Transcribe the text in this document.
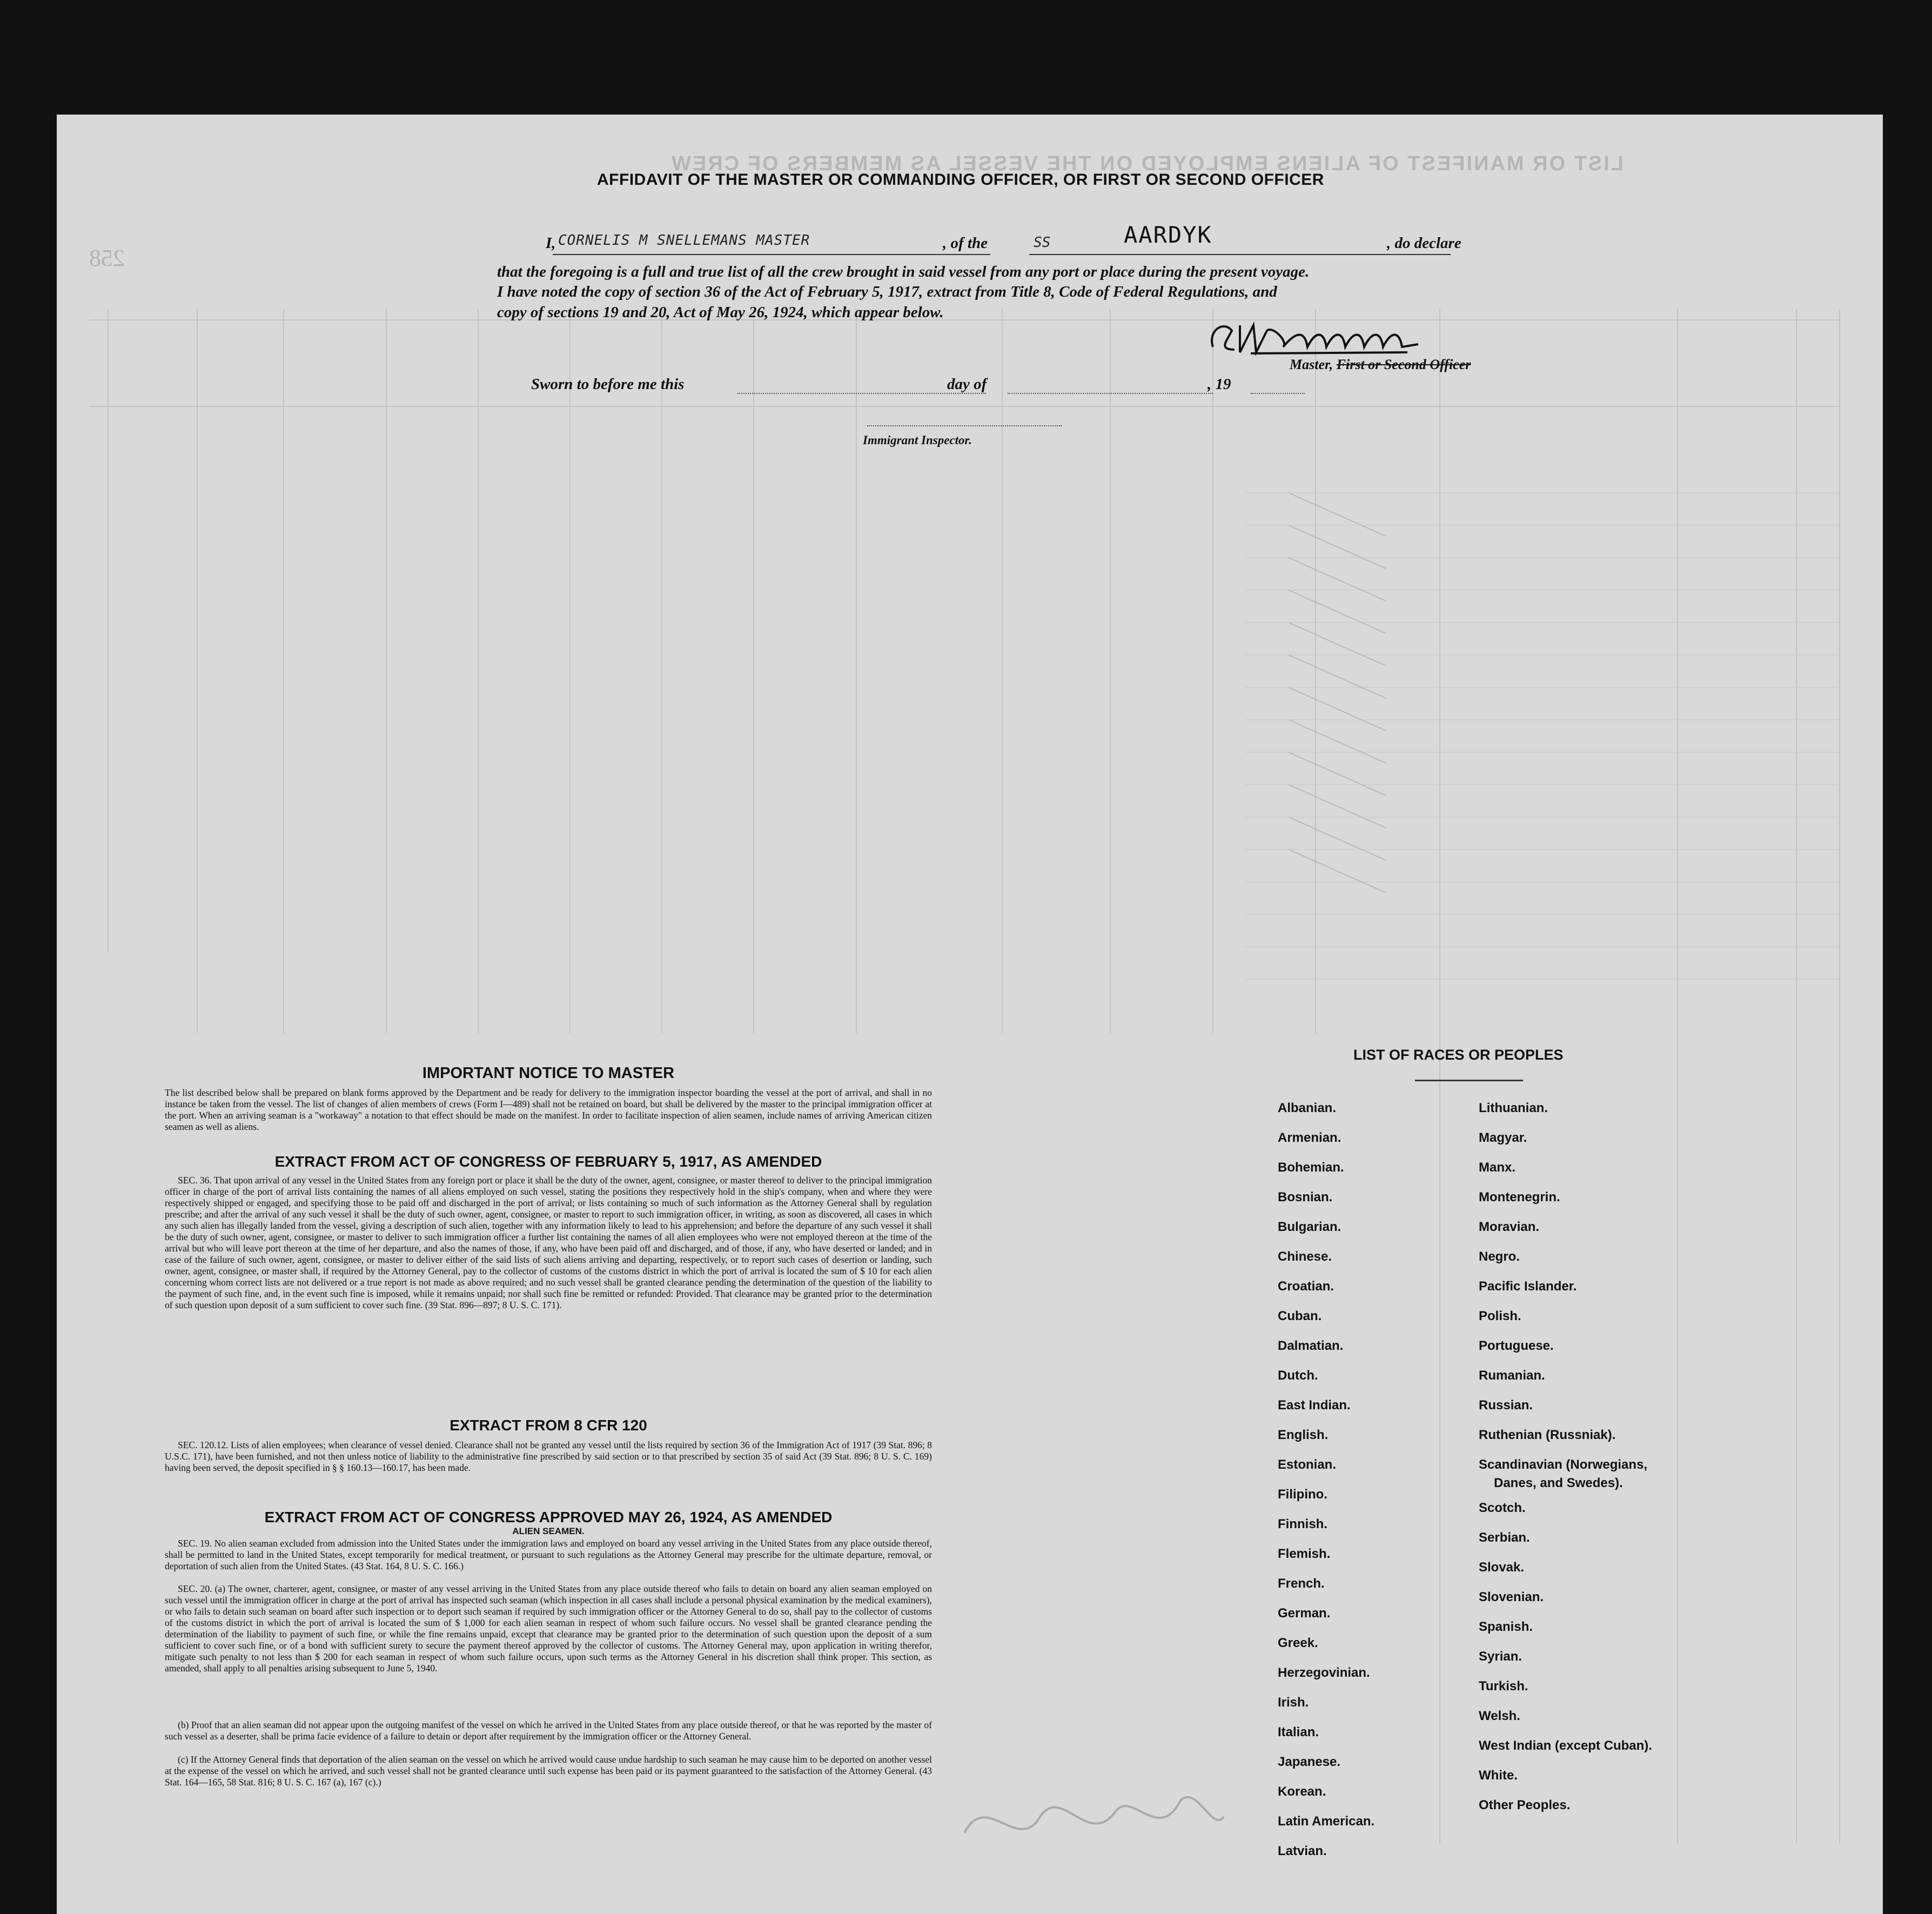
LIST OR MANIFEST OF ALIENS EMPLOYED ON THE VESSEL AS MEMBERS OF CREW
258
AFFIDAVIT OF THE MASTER OR COMMANDING OFFICER, OR FIRST OR SECOND OFFICER
I, CORNELIS M SNELLEMANS MASTER	, of the	SS	AARDYK	, do declare
that the foregoing is a full and true list of all the crew brought in said vessel from any port or place during the present voyage.
I have noted the copy of section 36 of the Act of February 5, 1917, extract from Title 8, Code of Federal Regulations, and
copy of sections 19 and 20, Act of May 26, 1924, which appear below.
Master, First or Second Officer
Sworn to before me this	day of	, 19
Immigrant Inspector.
IMPORTANT NOTICE TO MASTER
The list described below shall be prepared on blank forms approved by the Department and be ready for delivery to the immigration inspector boarding the vessel at the port of arrival, and shall in no instance be taken from the vessel. The list of changes of alien members of crews (Form I—489) shall not be retained on board, but shall be delivered by the master to the principal immigration officer at the port. When an arriving seaman is a "workaway" a notation to that effect should be made on the manifest. In order to facilitate inspection of alien seamen, include names of arriving American citizen seamen as well as aliens.
EXTRACT FROM ACT OF CONGRESS OF FEBRUARY 5, 1917, AS AMENDED
SEC. 36. That upon arrival of any vessel in the United States from any foreign port or place it shall be the duty of the owner, agent, consignee, or master thereof to deliver to the principal immigration officer in charge of the port of arrival lists containing the names of all aliens employed on such vessel, stating the positions they respectively hold in the ship's company, when and where they were respectively shipped or engaged, and specifying those to be paid off and discharged in the port of arrival; or lists containing so much of such information as the Attorney General shall by regulation prescribe; and after the arrival of any such vessel it shall be the duty of such owner, agent, consignee, or master to report to such immigration officer, in writing, as soon as discovered, all cases in which any such alien has illegally landed from the vessel, giving a description of such alien, together with any information likely to lead to his apprehension; and before the departure of any such vessel it shall be the duty of such owner, agent, consignee, or master to deliver to such immigration officer a further list containing the names of all alien employees who were not employed thereon at the time of the arrival but who will leave port thereon at the time of her departure, and also the names of those, if any, who have been paid off and discharged, and of those, if any, who have deserted or landed; and in case of the failure of such owner, agent, consignee, or master to deliver either of the said lists of such aliens arriving and departing, respectively, or to report such cases of desertion or landing, such owner, agent, consignee, or master shall, if required by the Attorney General, pay to the collector of customs of the customs district in which the port of arrival is located the sum of $ 10 for each alien concerning whom correct lists are not delivered or a true report is not made as above required; and no such vessel shall be granted clearance pending the determination of the question of the liability to the payment of such fine, and, in the event such fine is imposed, while it remains unpaid; nor shall such fine be remitted or refunded: Provided. That clearance may be granted prior to the determination of such question upon deposit of a sum sufficient to cover such fine. (39 Stat. 896—897; 8 U. S. C. 171).
EXTRACT FROM 8 CFR 120
SEC. 120.12. Lists of alien employees; when clearance of vessel denied. Clearance shall not be granted any vessel until the lists required by section 36 of the Immigration Act of 1917 (39 Stat. 896; 8 U.S.C. 171), have been furnished, and not then unless notice of liability to the administrative fine prescribed by said section or to that prescribed by section 35 of said Act (39 Stat. 896; 8 U. S. C. 169) having been served, the deposit specified in § § 160.13—160.17, has been made.
EXTRACT FROM ACT OF CONGRESS APPROVED MAY 26, 1924, AS AMENDED
ALIEN SEAMEN.
SEC. 19. No alien seaman excluded from admission into the United States under the immigration laws and employed on board any vessel arriving in the United States from any place outside thereof, shall be permitted to land in the United States, except temporarily for medical treatment, or pursuant to such regulations as the Attorney General may prescribe for the ultimate departure, removal, or deportation of such alien from the United States. (43 Stat. 164, 8 U. S. C. 166.)
SEC. 20. (a) The owner, charterer, agent, consignee, or master of any vessel arriving in the United States from any place outside thereof who fails to detain on board any alien seaman employed on such vessel until the immigration officer in charge at the port of arrival has inspected such seaman (which inspection in all cases shall include a personal physical examination by the medical examiners), or who fails to detain such seaman on board after such inspection or to deport such seaman if required by such immigration officer or the Attorney General to do so, shall pay to the collector of customs of the customs district in which the port of arrival is located the sum of $ 1,000 for each alien seaman in respect of whom such failure occurs. No vessel shall be granted clearance pending the determination of the liability to payment of such fine, or while the fine remains unpaid, except that clearance may be granted prior to the determination of such question upon the deposit of a sum sufficient to cover such fine, or of a bond with sufficient surety to secure the payment thereof approved by the collector of customs. The Attorney General may, upon application in writing therefor, mitigate such penalty to not less than $ 200 for each seaman in respect of whom such failure occurs, upon such terms as the Attorney General in his discretion shall think proper. This section, as amended, shall apply to all penalties arising subsequent to June 5, 1940.
(b) Proof that an alien seaman did not appear upon the outgoing manifest of the vessel on which he arrived in the United States from any place outside thereof, or that he was reported by the master of such vessel as a deserter, shall be prima facie evidence of a failure to detain or deport after requirement by the immigration officer or the Attorney General.
(c) If the Attorney General finds that deportation of the alien seaman on the vessel on which he arrived would cause undue hardship to such seaman he may cause him to be deported on another vessel at the expense of the vessel on which he arrived, and such vessel shall not be granted clearance until such expense has been paid or its payment guaranteed to the satisfaction of the Attorney General. (43 Stat. 164—165, 58 Stat. 816; 8 U. S. C. 167 (a), 167 (c).)
LIST OF RACES OR PEOPLES
Albanian.
Armenian.
Bohemian.
Bosnian.
Bulgarian.
Chinese.
Croatian.
Cuban.
Dalmatian.
Dutch.
East Indian.
English.
Estonian.
Filipino.
Finnish.
Flemish.
French.
German.
Greek.
Herzegovinian.
Irish.
Italian.
Japanese.
Korean.
Latin American.
Latvian.
Lithuanian.
Magyar.
Manx.
Montenegrin.
Moravian.
Negro.
Pacific Islander.
Polish.
Portuguese.
Rumanian.
Russian.
Ruthenian (Russniak).
Scandinavian (Norwegians,
Danes, and Swedes).
Scotch.
Serbian.
Slovak.
Slovenian.
Spanish.
Syrian.
Turkish.
Welsh.
West Indian (except Cuban).
White.
Other Peoples.
